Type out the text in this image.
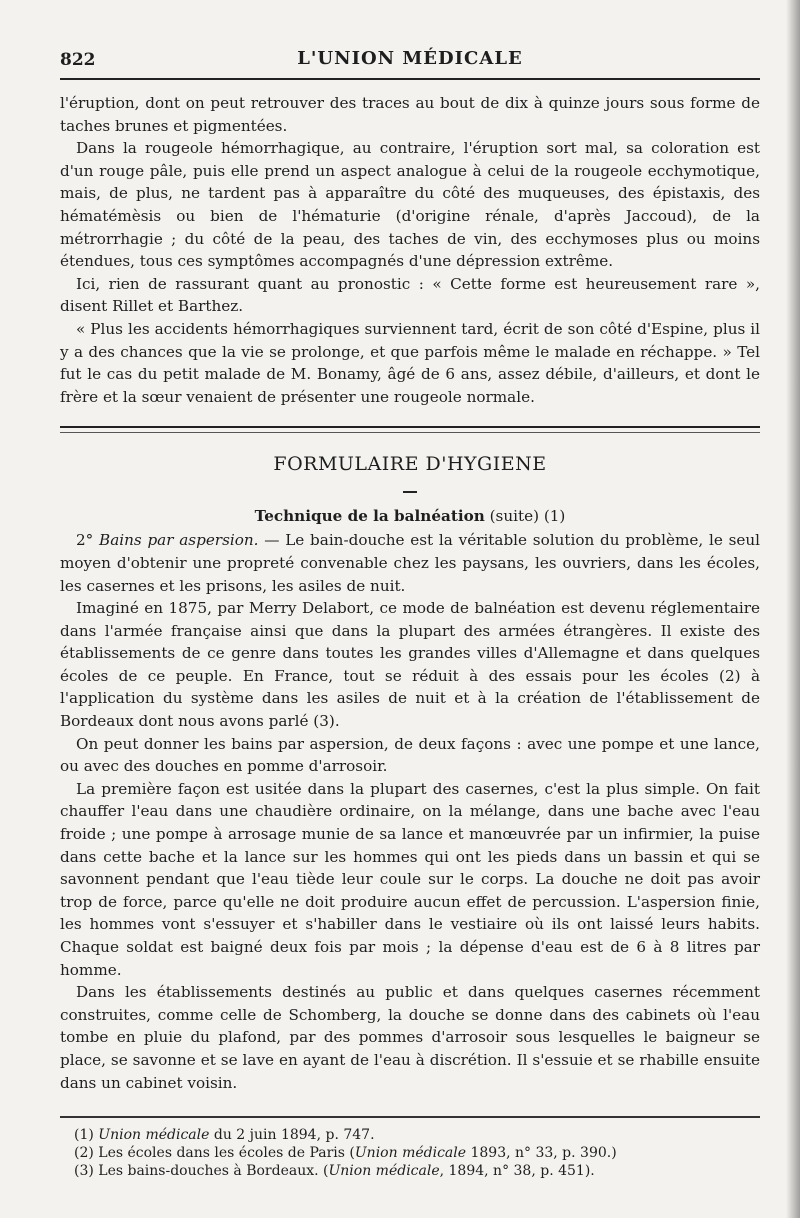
822	L'UNION MÉDICALE

l'éruption, dont on peut retrouver des traces au bout de dix à quinze jours sous forme de taches brunes et pigmentées.

Dans la rougeole hémorrhagique, au contraire, l'éruption sort mal, sa coloration est d'un rouge pâle, puis elle prend un aspect analogue à celui de la rougeole ecchymotique, mais, de plus, ne tardent pas à apparaître du côté des muqueuses, des épistaxis, des hématémèsis ou bien de l'hématurie (d'origine rénale, d'après Jaccoud), de la métrorrhagie ; du côté de la peau, des taches de vin, des ecchymoses plus ou moins étendues, tous ces symptômes accompagnés d'une dépression extrême.

Ici, rien de rassurant quant au pronostic : « Cette forme est heureusement rare », disent Rillet et Barthez.

« Plus les accidents hémorrhagiques surviennent tard, écrit de son côté d'Espine, plus il y a des chances que la vie se prolonge, et que parfois même le malade en réchappe. » Tel fut le cas du petit malade de M. Bonamy, âgé de 6 ans, assez débile, d'ailleurs, et dont le frère et la sœur venaient de présenter une rougeole normale.

FORMULAIRE D'HYGIENE

Technique de la balnéation (suite) (1)

2° Bains par aspersion. — Le bain-douche est la véritable solution du problème, le seul moyen d'obtenir une propreté convenable chez les paysans, les ouvriers, dans les écoles, les casernes et les prisons, les asiles de nuit.

Imaginé en 1875, par Merry Delabort, ce mode de balnéation est devenu réglementaire dans l'armée française ainsi que dans la plupart des armées étrangères. Il existe des établissements de ce genre dans toutes les grandes villes d'Allemagne et dans quelques écoles de ce peuple. En France, tout se réduit à des essais pour les écoles (2) à l'application du système dans les asiles de nuit et à la création de l'établissement de Bordeaux dont nous avons parlé (3).

On peut donner les bains par aspersion, de deux façons : avec une pompe et une lance, ou avec des douches en pomme d'arrosoir.

La première façon est usitée dans la plupart des casernes, c'est la plus simple. On fait chauffer l'eau dans une chaudière ordinaire, on la mélange, dans une bache avec l'eau froide ; une pompe à arrosage munie de sa lance et manœuvrée par un infirmier, la puise dans cette bache et la lance sur les hommes qui ont les pieds dans un bassin et qui se savonnent pendant que l'eau tiède leur coule sur le corps. La douche ne doit pas avoir trop de force, parce qu'elle ne doit produire aucun effet de percussion. L'aspersion finie, les hommes vont s'essuyer et s'habiller dans le vestiaire où ils ont laissé leurs habits. Chaque soldat est baigné deux fois par mois ; la dépense d'eau est de 6 à 8 litres par homme.

Dans les établissements destinés au public et dans quelques casernes récemment construites, comme celle de Schomberg, la douche se donne dans des cabinets où l'eau tombe en pluie du plafond, par des pommes d'arrosoir sous lesquelles le baigneur se place, se savonne et se lave en ayant de l'eau à discrétion. Il s'essuie et se rhabille ensuite dans un cabinet voisin.

(1) Union médicale du 2 juin 1894, p. 747.

(2) Les écoles dans les écoles de Paris (Union médicale 1893, n° 33, p. 390.)

(3) Les bains-douches à Bordeaux. (Union médicale, 1894, n° 38, p. 451).
